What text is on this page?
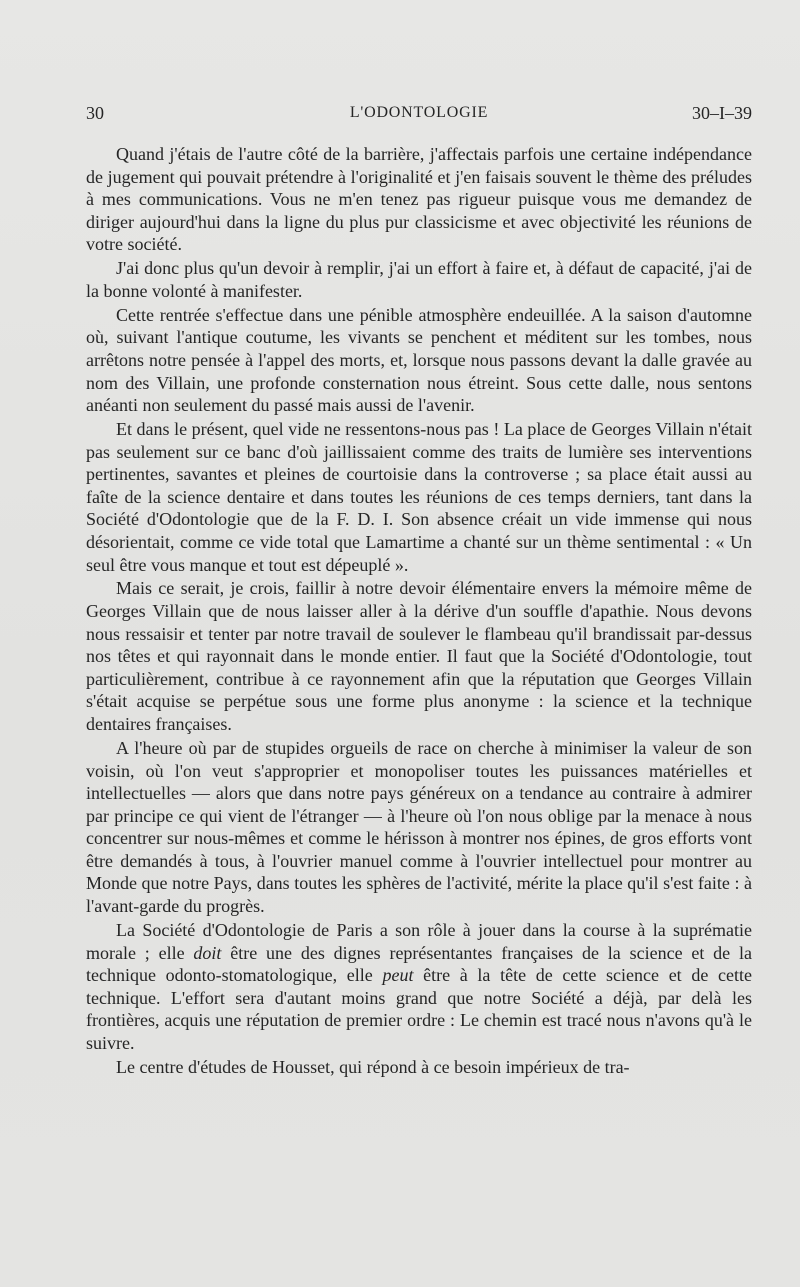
30	L'ODONTOLOGIE	30–I–39

Quand j'étais de l'autre côté de la barrière, j'affectais parfois une certaine indépendance de jugement qui pouvait prétendre à l'originalité et j'en faisais souvent le thème des préludes à mes communications. Vous ne m'en tenez pas rigueur puisque vous me demandez de diriger aujourd'hui dans la ligne du plus pur classicisme et avec objectivité les réunions de votre société.

J'ai donc plus qu'un devoir à remplir, j'ai un effort à faire et, à défaut de capacité, j'ai de la bonne volonté à manifester.

Cette rentrée s'effectue dans une pénible atmosphère endeuillée. A la saison d'automne où, suivant l'antique coutume, les vivants se penchent et méditent sur les tombes, nous arrêtons notre pensée à l'appel des morts, et, lorsque nous passons devant la dalle gravée au nom des Villain, une profonde consternation nous étreint. Sous cette dalle, nous sentons anéanti non seulement du passé mais aussi de l'avenir.

Et dans le présent, quel vide ne ressentons-nous pas ! La place de Georges Villain n'était pas seulement sur ce banc d'où jaillissaient comme des traits de lumière ses interventions pertinentes, savantes et pleines de courtoisie dans la controverse ; sa place était aussi au faîte de la science dentaire et dans toutes les réunions de ces temps derniers, tant dans la Société d'Odontologie que de la F. D. I. Son absence créait un vide immense qui nous désorientait, comme ce vide total que Lamartime a chanté sur un thème sentimental : « Un seul être vous manque et tout est dépeuplé ».

Mais ce serait, je crois, faillir à notre devoir élémentaire envers la mémoire même de Georges Villain que de nous laisser aller à la dérive d'un souffle d'apathie. Nous devons nous ressaisir et tenter par notre travail de soulever le flambeau qu'il brandissait par-dessus nos têtes et qui rayonnait dans le monde entier. Il faut que la Société d'Odontologie, tout particulièrement, contribue à ce rayonnement afin que la réputation que Georges Villain s'était acquise se perpétue sous une forme plus anonyme : la science et la technique dentaires françaises.

A l'heure où par de stupides orgueils de race on cherche à minimiser la valeur de son voisin, où l'on veut s'approprier et monopoliser toutes les puissances matérielles et intellectuelles — alors que dans notre pays généreux on a tendance au contraire à admirer par principe ce qui vient de l'étranger — à l'heure où l'on nous oblige par la menace à nous concentrer sur nous-mêmes et comme le hérisson à montrer nos épines, de gros efforts vont être demandés à tous, à l'ouvrier manuel comme à l'ouvrier intellectuel pour montrer au Monde que notre Pays, dans toutes les sphères de l'activité, mérite la place qu'il s'est faite : à l'avant-garde du progrès.

La Société d'Odontologie de Paris a son rôle à jouer dans la course à la suprématie morale ; elle doit être une des dignes représentantes françaises de la science et de la technique odonto-stomatologique, elle peut être à la tête de cette science et de cette technique. L'effort sera d'autant moins grand que notre Société a déjà, par delà les frontières, acquis une réputation de premier ordre : Le chemin est tracé nous n'avons qu'à le suivre.

Le centre d'études de Housset, qui répond à ce besoin impérieux de tra-
